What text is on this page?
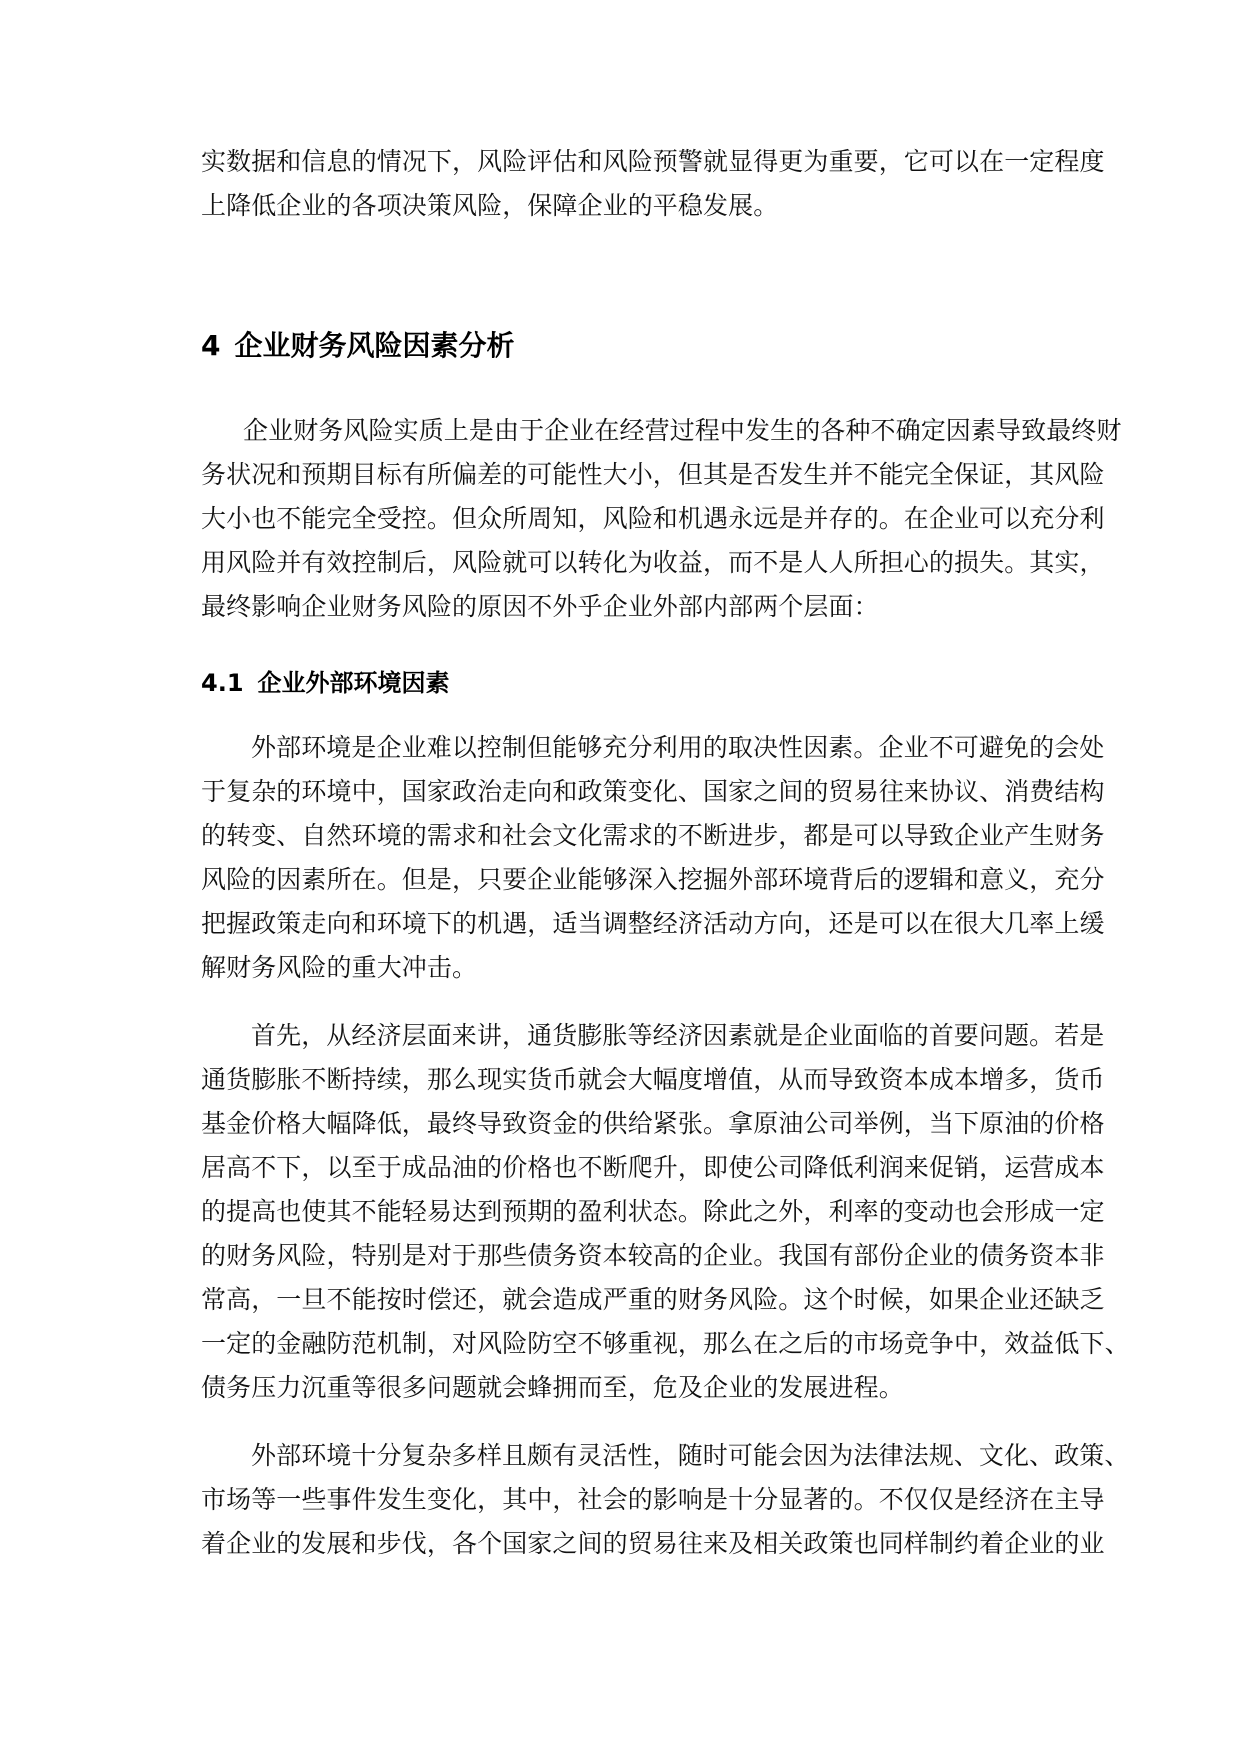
实数据和信息的情况下，风险评估和风险预警就显得更为重要，它可以在一定程度
上降低企业的各项决策风险，保障企业的平稳发展。
4 企业财务风险因素分析
企业财务风险实质上是由于企业在经营过程中发生的各种不确定因素导致最终财
务状况和预期目标有所偏差的可能性大小，但其是否发生并不能完全保证，其风险
大小也不能完全受控。但众所周知，风险和机遇永远是并存的。在企业可以充分利
用风险并有效控制后，风险就可以转化为收益，而不是人人所担心的损失。其实，
最终影响企业财务风险的原因不外乎企业外部内部两个层面：
4.1 企业外部环境因素
外部环境是企业难以控制但能够充分利用的取决性因素。企业不可避免的会处
于复杂的环境中，国家政治走向和政策变化、国家之间的贸易往来协议、消费结构
的转变、自然环境的需求和社会文化需求的不断进步，都是可以导致企业产生财务
风险的因素所在。但是，只要企业能够深入挖掘外部环境背后的逻辑和意义，充分
把握政策走向和环境下的机遇，适当调整经济活动方向，还是可以在很大几率上缓
解财务风险的重大冲击。
首先，从经济层面来讲，通货膨胀等经济因素就是企业面临的首要问题。若是
通货膨胀不断持续，那么现实货币就会大幅度增值，从而导致资本成本增多，货币
基金价格大幅降低，最终导致资金的供给紧张。拿原油公司举例，当下原油的价格
居高不下，以至于成品油的价格也不断爬升，即使公司降低利润来促销，运营成本
的提高也使其不能轻易达到预期的盈利状态。除此之外，利率的变动也会形成一定
的财务风险，特别是对于那些债务资本较高的企业。我国有部份企业的债务资本非
常高，一旦不能按时偿还，就会造成严重的财务风险。这个时候，如果企业还缺乏
一定的金融防范机制，对风险防空不够重视，那么在之后的市场竞争中，效益低下、
债务压力沉重等很多问题就会蜂拥而至，危及企业的发展进程。
外部环境十分复杂多样且颇有灵活性，随时可能会因为法律法规、文化、政策、
市场等一些事件发生变化，其中，社会的影响是十分显著的。不仅仅是经济在主导
着企业的发展和步伐，各个国家之间的贸易往来及相关政策也同样制约着企业的业
